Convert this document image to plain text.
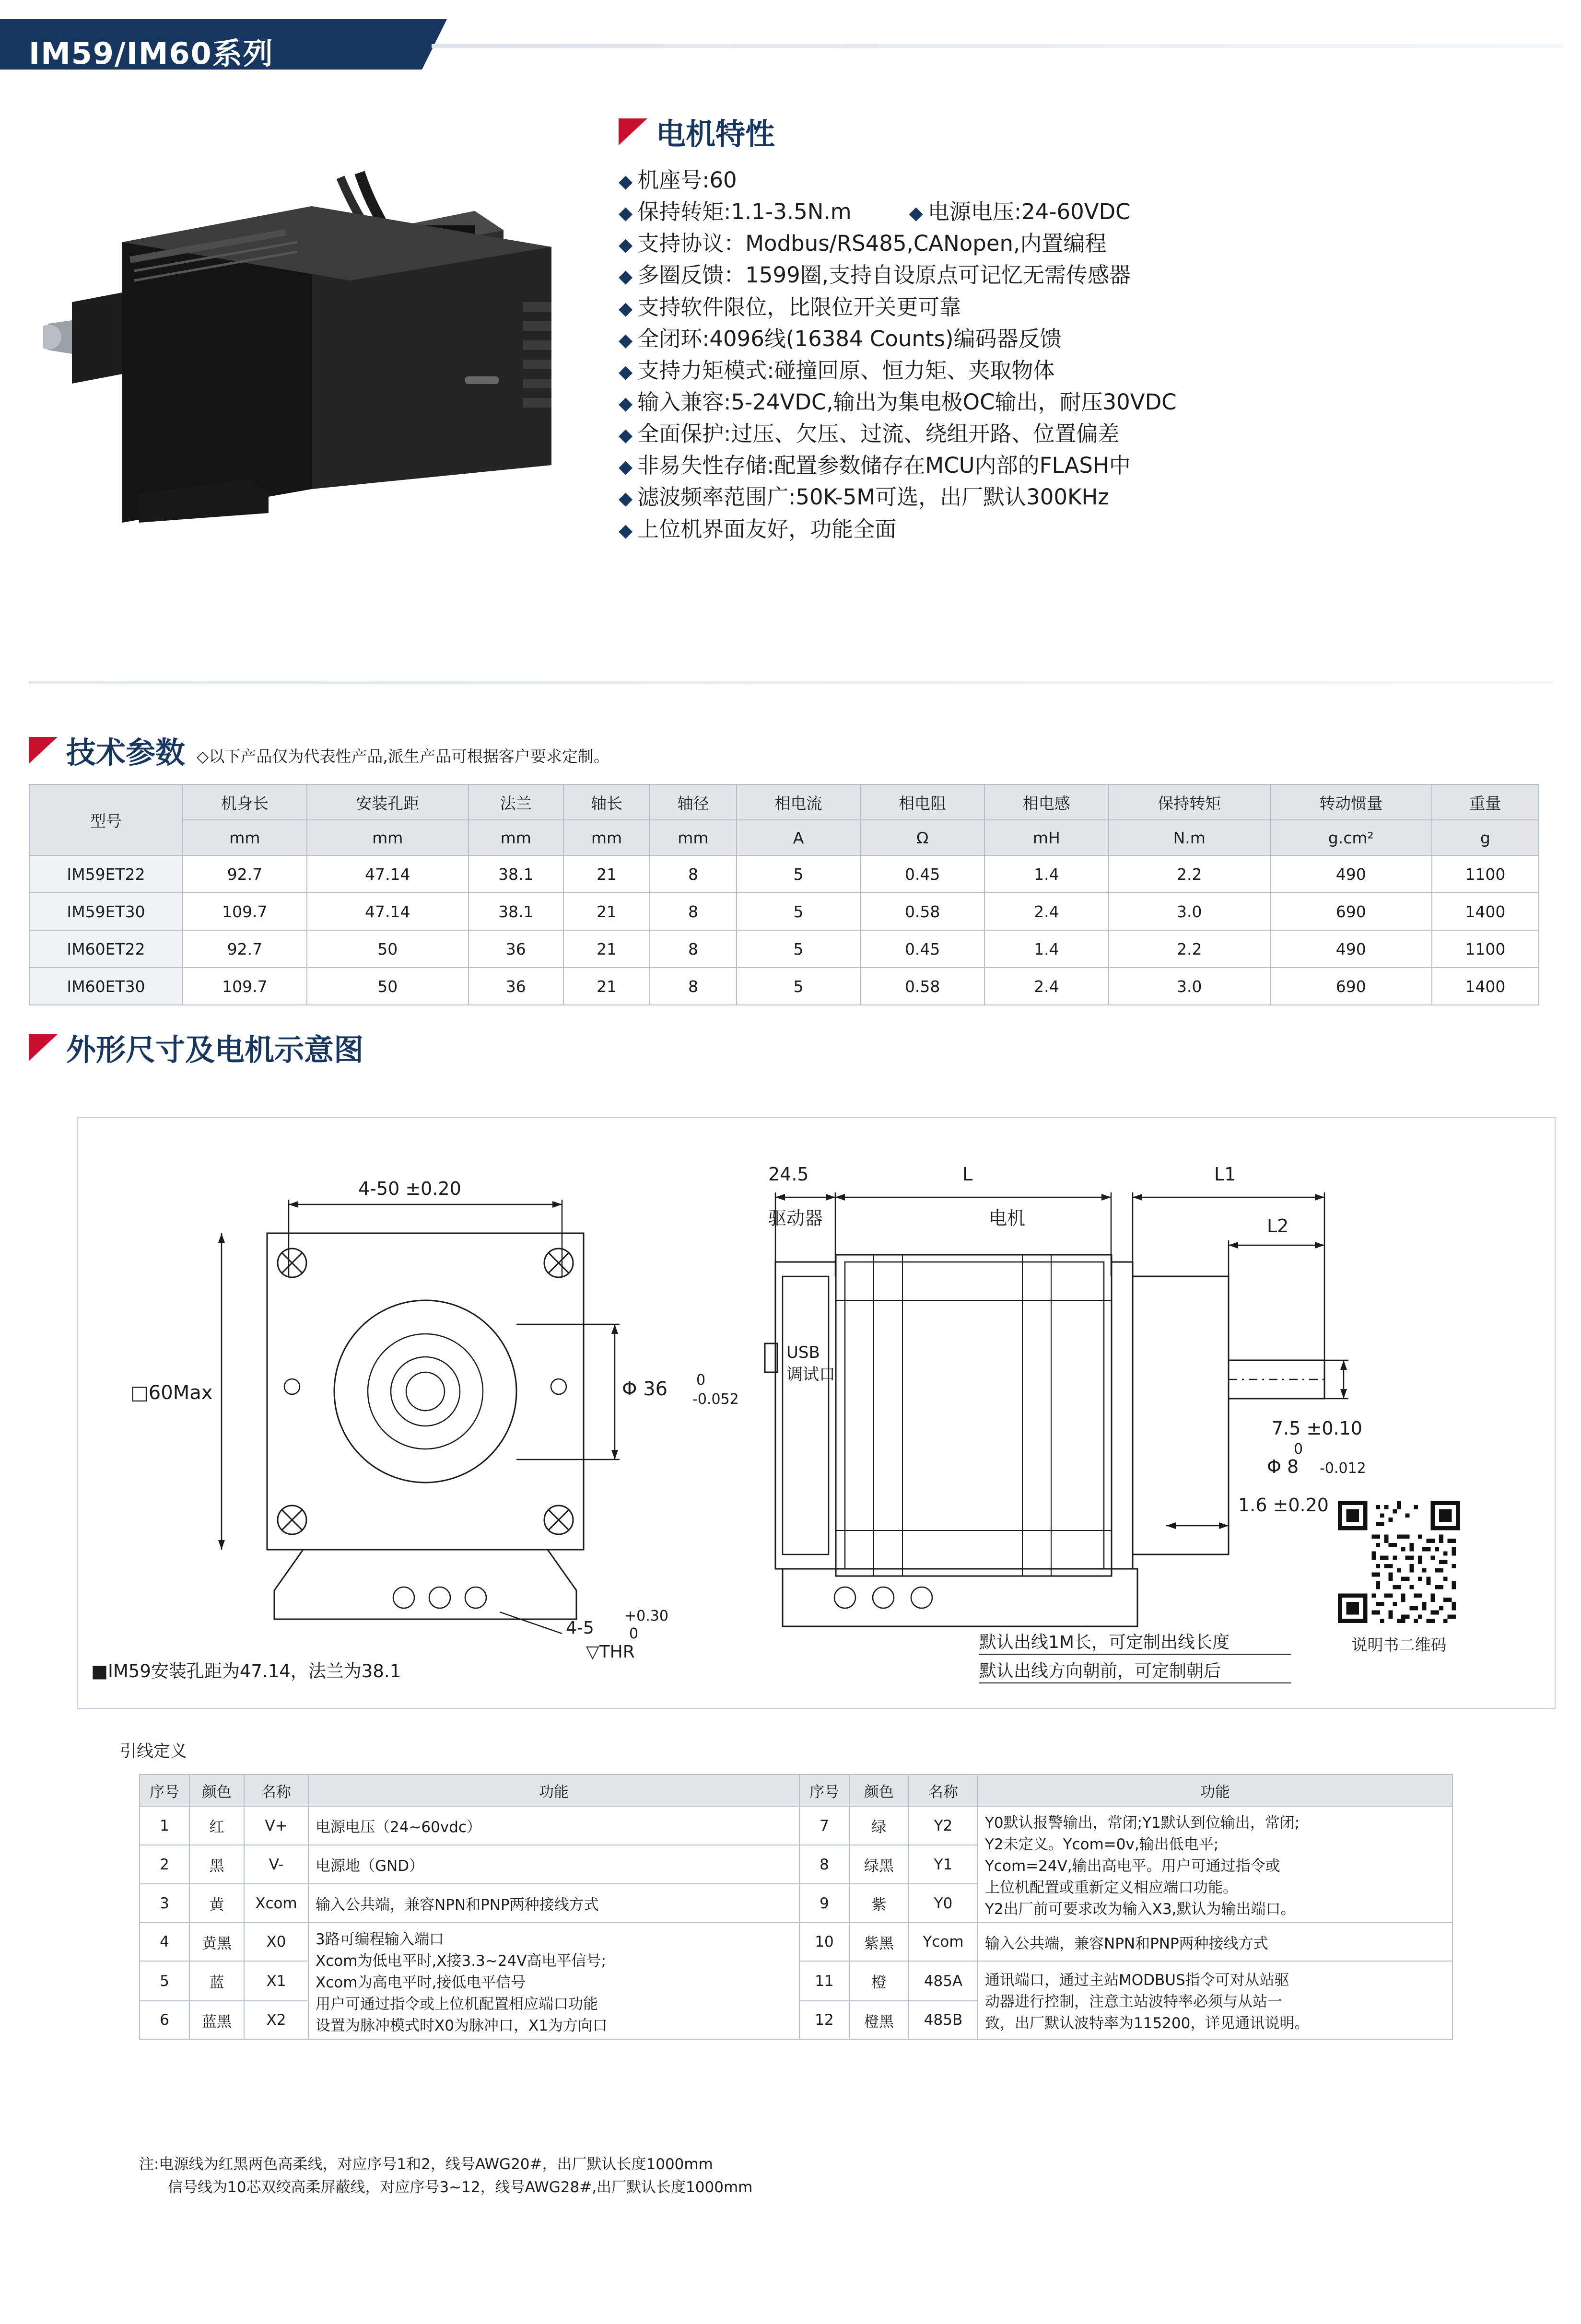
IM59/IM60系列
电机特性
◆ 机座号:60
◆ 保持转矩:1.1-3.5N.m	◆ 电源电压:24-60VDC
◆ 支持协议：Modbus/RS485,CANopen,内置编程
◆ 多圈反馈：1599圈,支持自设原点可记忆无需传感器
◆ 支持软件限位，比限位开关更可靠
◆ 全闭环:4096线(16384 Counts)编码器反馈
◆ 支持力矩模式:碰撞回原、恒力矩、夹取物体
◆ 输入兼容:5-24VDC,输出为集电极OC输出，耐压30VDC
◆ 全面保护:过压、欠压、过流、绕组开路、位置偏差
◆ 非易失性存储:配置参数储存在MCU内部的FLASH中
◆ 滤波频率范围广:50K-5M可选，出厂默认300KHz
◆ 上位机界面友好，功能全面
技术参数 ◇以下产品仅为代表性产品,派生产品可根据客户要求定制。
型号	机身长	安装孔距	法兰	轴长	轴径	相电流	相电阻	相电感	保持转矩	转动惯量	重量
	mm	mm	mm	mm	mm	A	Ω	mH	N.m	g.cm²	g
IM59ET22	92.7	47.14	38.1	21	8	5	0.45	1.4	2.2	490	1100
IM59ET30	109.7	47.14	38.1	21	8	5	0.58	2.4	3.0	690	1400
IM60ET22	92.7	50	36	21	8	5	0.45	1.4	2.2	490	1100
IM60ET30	109.7	50	36	21	8	5	0.58	2.4	3.0	690	1400
外形尺寸及电机示意图
4-50 ±0.20
□60Max	Φ 36 0
-0.052
4-5
+0.30
0
▽THR
24.5	L	L1
L2
驱动器	电机
USB
调试口
7.5 ±0.10
0
Φ 8 -0.012
1.6 ±0.20
默认出线1M长，可定制出线长度
默认出线方向朝前，可定制朝后
说明书二维码
■IM59安装孔距为47.14，法兰为38.1
引线定义
序号	颜色	名称	功能	序号	颜色	名称	功能
1	红	V+	电源电压（24~60vdc）	7	绿	Y2	Y0默认报警输出，常闭;Y1默认到位输出，常闭;
Y2未定义。Ycom=0v,输出低电平;
Ycom=24V,输出高电平。用户可通过指令或
上位机配置或重新定义相应端口功能。
Y2出厂前可要求改为输入X3,默认为输出端口。

2	黑	V-	电源地（GND）	8	绿黑	Y1	
3	黄	Xcom	输入公共端，兼容NPN和PNP两种接线方式	9	紫	Y0	
4	黄黑	X0	3路可编程输入端口
Xcom为低电平时,X接3.3~24V高电平信号;
Xcom为高电平时,接低电平信号
用户可通过指令或上位机配置相应端口功能
设置为脉冲模式时X0为脉冲口，X1为方向口	10	紫黑	Ycom	输入公共端，兼容NPN和PNP两种接线方式
5	蓝	X1		11	橙	485A	通讯端口，通过主站MODBUS指令可对从站驱
动器进行控制，注意主站波特率必须与从站一
致，出厂默认波特率为115200，详见通讯说明。

6	蓝黑	X2		12	橙黑	485B	
注:电源线为红黑两色高柔线，对应序号1和2，线号AWG20#，出厂默认长度1000mm
信号线为10芯双绞高柔屏蔽线，对应序号3~12，线号AWG28#,出厂默认长度1000mm
